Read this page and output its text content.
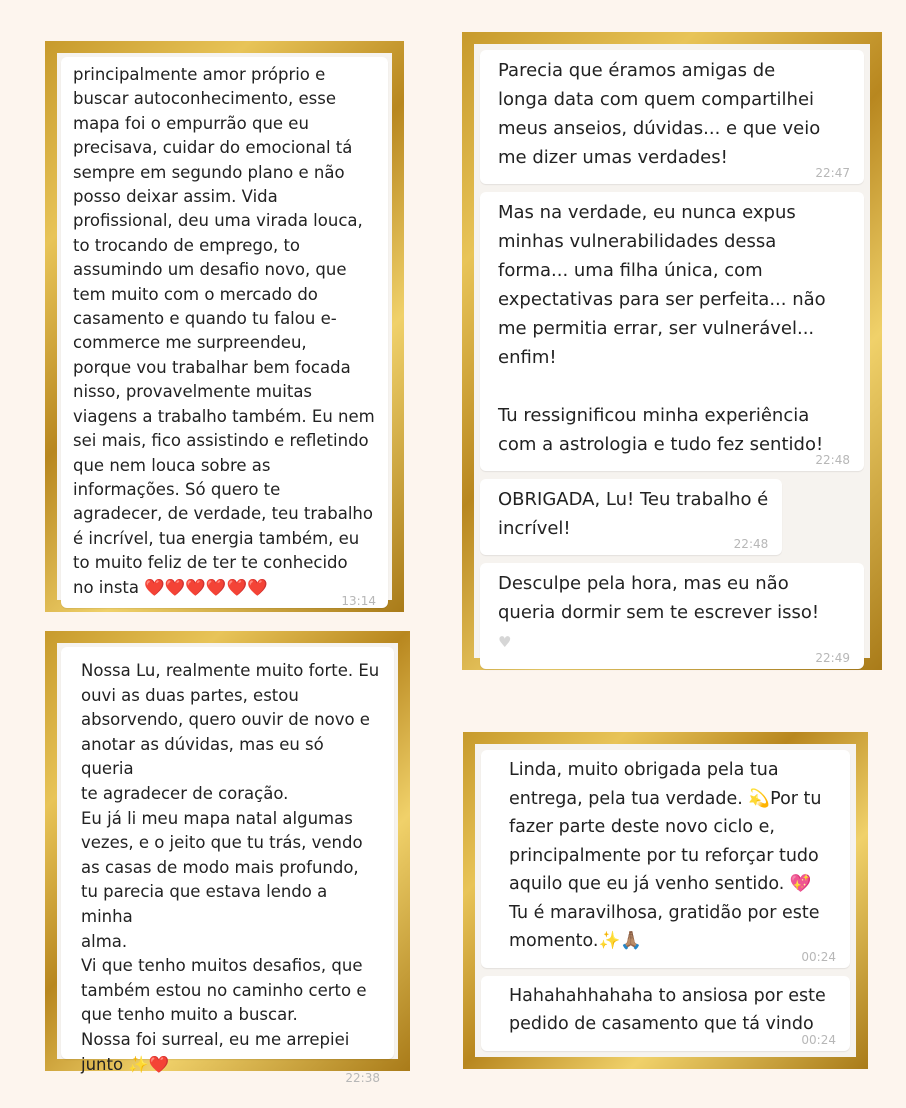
principalmente amor próprio e
buscar autoconhecimento, esse
mapa foi o empurrão que eu
precisava, cuidar do emocional tá
sempre em segundo plano e não
posso deixar assim. Vida
profissional, deu uma virada louca,
to trocando de emprego, to
assumindo um desafio novo, que
tem muito com o mercado do
casamento e quando tu falou e-
commerce me surpreendeu,
porque vou trabalhar bem focada
nisso, provavelmente muitas
viagens a trabalho também. Eu nem
sei mais, fico assistindo e refletindo
que nem louca sobre as
informações. Só quero te
agradecer, de verdade, teu trabalho
é incrível, tua energia também, eu
to muito feliz de ter te conhecido
no insta ❤️❤️❤️❤️❤️❤️

13:14

Parecia que éramos amigas de
longa data com quem compartilhei
meus anseios, dúvidas... e que veio
me dizer umas verdades!

22:47

Mas na verdade, eu nunca expus
minhas vulnerabilidades dessa
forma... uma filha única, com
expectativas para ser perfeita... não
me permitia errar, ser vulnerável...
enfim!

Tu ressignificou minha experiência
com a astrologia e tudo fez sentido!

22:48

OBRIGADA, Lu! Teu trabalho é
incrível!

22:48

Desculpe pela hora, mas eu não
queria dormir sem te escrever isso!

♥
22:49

Nossa Lu, realmente muito forte. Eu
ouvi as duas partes, estou
absorvendo, quero ouvir de novo e
anotar as dúvidas, mas eu só queria
te agradecer de coração.
Eu já li meu mapa natal algumas
vezes, e o jeito que tu trás, vendo
as casas de modo mais profundo,
tu parecia que estava lendo a minha
alma.
Vi que tenho muitos desafios, que
também estou no caminho certo e
que tenho muito a buscar.
Nossa foi surreal, eu me arrepiei
junto ✨❤️

22:38

Linda, muito obrigada pela tua
entrega, pela tua verdade. 💫Por tu
fazer parte deste novo ciclo e,
principalmente por tu reforçar tudo
aquilo que eu já venho sentido. 💖
Tu é maravilhosa, gratidão por este
momento.✨🙏🏽

00:24

Hahahahhahaha to ansiosa por este
pedido de casamento que tá vindo

00:24
